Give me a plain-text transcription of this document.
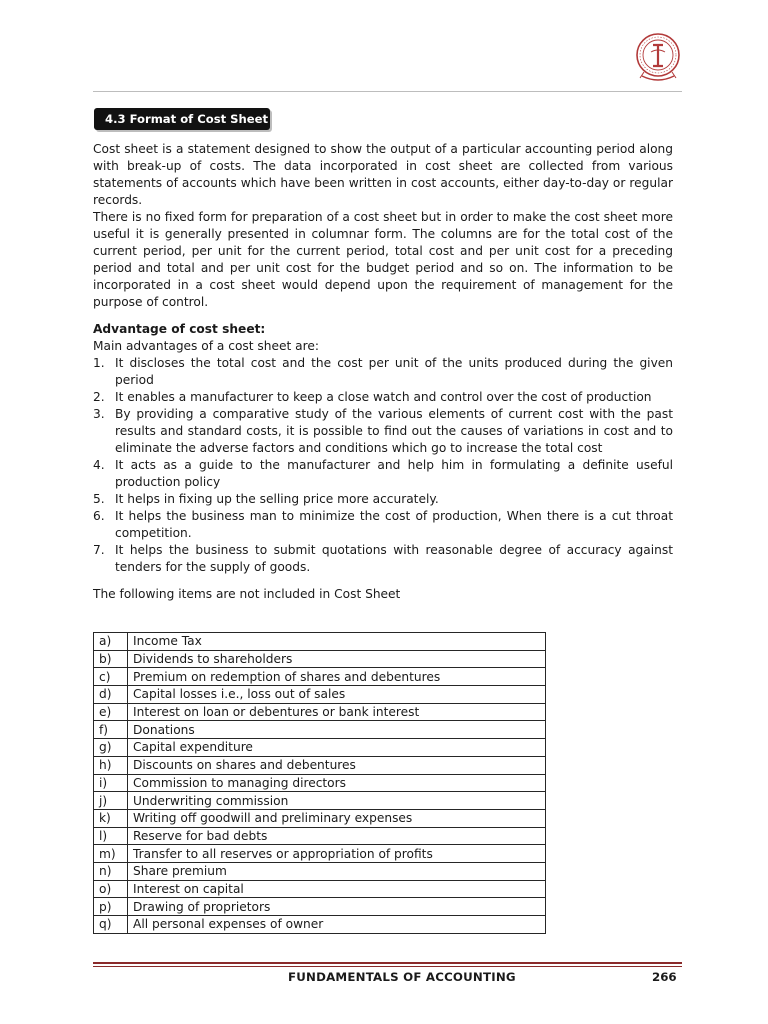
4.3 Format of Cost Sheet

Cost sheet is a statement designed to show the output of a particular accounting period along with break-up of costs. The data incorporated in cost sheet are collected from various statements of accounts which have been written in cost accounts, either day-to-day or regular records.

There is no fixed form for preparation of a cost sheet but in order to make the cost sheet more useful it is generally presented in columnar form. The columns are for the total cost of the current period, per unit for the current period, total cost and per unit cost for a preceding period and total and per unit cost for the budget period and so on. The information to be incorporated in a cost sheet would depend upon the requirement of management for the purpose of control.

Advantage of cost sheet:

Main advantages of a cost sheet are:

1. It discloses the total cost and the cost per unit of the units produced during the given period
2. It enables a manufacturer to keep a close watch and control over the cost of production
3. By providing a comparative study of the various elements of current cost with the past results and standard costs, it is possible to find out the causes of variations in cost and to eliminate the adverse factors and conditions which go to increase the total cost
4. It acts as a guide to the manufacturer and help him in formulating a definite useful production policy
5. It helps in fixing up the selling price more accurately.
6. It helps the business man to minimize the cost of production, When there is a cut throat competition.
7. It helps the business to submit quotations with reasonable degree of accuracy against tenders for the supply of goods.

The following items are not included in Cost Sheet

a)	Income Tax
b)	Dividends to shareholders
c)	Premium on redemption of shares and debentures
d)	Capital losses i.e., loss out of sales
e)	Interest on loan or debentures or bank interest
f)	Donations
g)	Capital expenditure
h)	Discounts on shares and debentures
i)	Commission to managing directors
j)	Underwriting commission
k)	Writing off goodwill and preliminary expenses
l)	Reserve for bad debts
m)	Transfer to all reserves or appropriation of profits
n)	Share premium
o)	Interest on capital
p)	Drawing of proprietors
q)	All personal expenses of owner
FUNDAMENTALS OF ACCOUNTING	266
